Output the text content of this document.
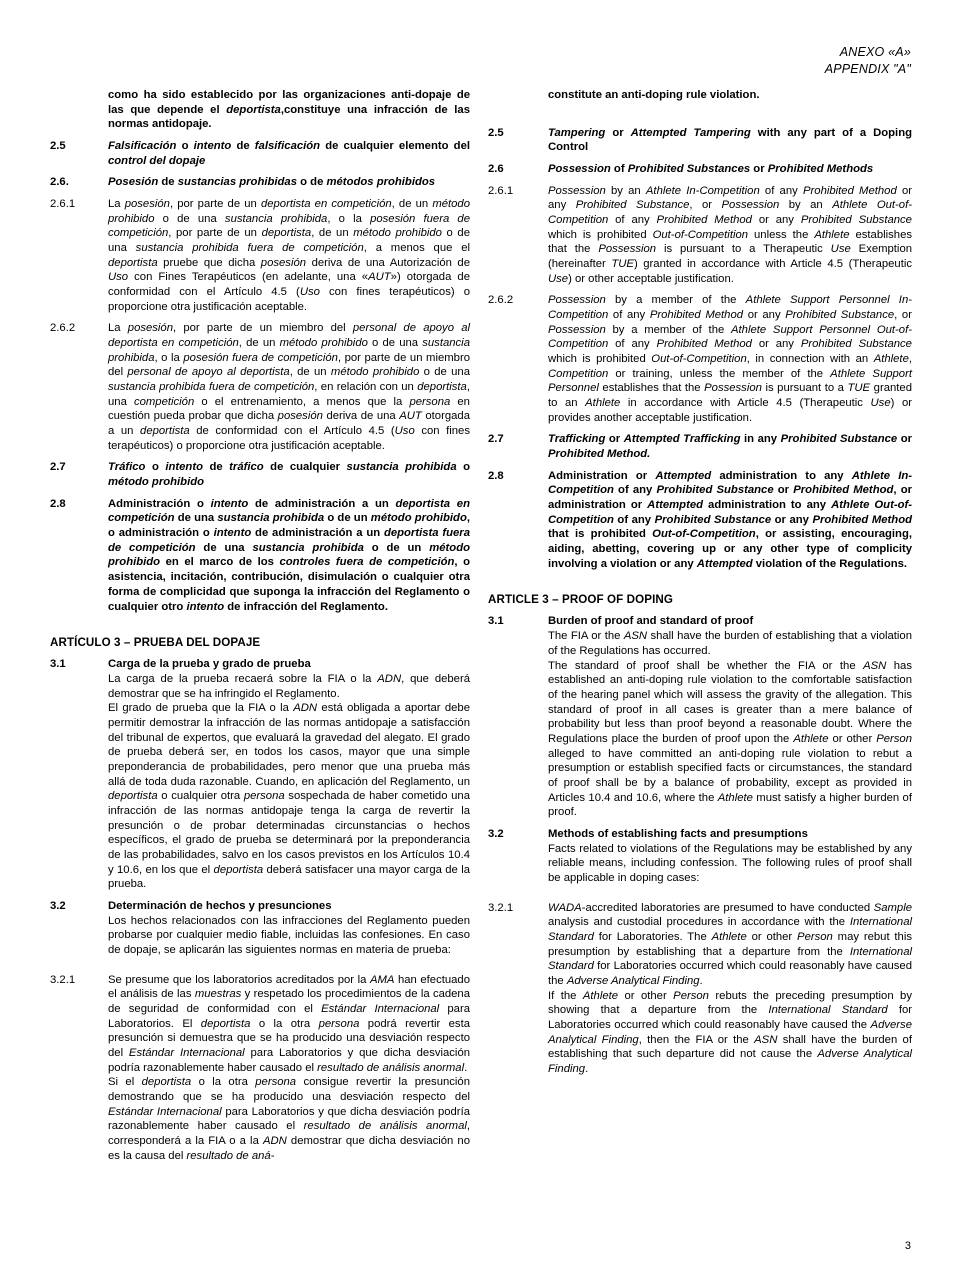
ANEXO «A»
APPENDIX "A"
como ha sido establecido por las organizaciones anti-dopaje de las que depende el deportista,constituye una infracción de las normas antidopaje.
2.5	Falsificación o intento de falsificación de cualquier elemento del control del dopaje
2.6.	Posesión de sustancias prohibidas o de métodos prohibidos
2.6.1	La posesión, por parte de un deportista en competición, de un método prohibido o de una sustancia prohibida, o la posesión fuera de competición, por parte de un deportista, de un método prohibido o de una sustancia prohibida fuera de competición, a menos que el deportista pruebe que dicha posesión deriva de una Autorización de Uso con Fines Terapéuticos (en adelante, una «AUT») otorgada de conformidad con el Artículo 4.5 (Uso con fines terapéuticos) o proporcione otra justificación aceptable.
2.6.2	La posesión, por parte de un miembro del personal de apoyo al deportista en competición, de un método prohibido o de una sustancia prohibida, o la posesión fuera de competición, por parte de un miembro del personal de apoyo al deportista, de un método prohibido o de una sustancia prohibida fuera de competición, en relación con un deportista, una competición o el entrenamiento, a menos que la persona en cuestión pueda probar que dicha posesión deriva de una AUT otorgada a un deportista de conformidad con el Artículo 4.5 (Uso con fines terapéuticos) o proporcione otra justificación aceptable.
2.7	Tráfico o intento de tráfico de cualquier sustancia prohibida o método prohibido
2.8	Administración o intento de administración a un deportista en competición de una sustancia prohibida o de un método prohibido, o administración o intento de administración a un deportista fuera de competición de una sustancia prohibida o de un método prohibido en el marco de los controles fuera de competición, o asistencia, incitación, contribución, disimulación o cualquier otra forma de complicidad que suponga la infracción del Reglamento o cualquier otro intento de infracción del Reglamento.
ARTÍCULO 3 – PRUEBA DEL DOPAJE
3.1	Carga de la prueba y grado de prueba

La carga de la prueba recaerá sobre la FIA o la ADN, que deberá demostrar que se ha infringido el Reglamento.

El grado de prueba que la FIA o la ADN está obligada a aportar debe permitir demostrar la infracción de las normas antidopaje a satisfacción del tribunal de expertos, que evaluará la gravedad del alegato. El grado de prueba deberá ser, en todos los casos, mayor que una simple preponderancia de probabilidades, pero menor que una prueba más allá de toda duda razonable. Cuando, en aplicación del Reglamento, un deportista o cualquier otra persona sospechada de haber cometido una infracción de las normas antidopaje tenga la carga de revertir la presunción o de probar determinadas circunstancias o hechos específicos, el grado de prueba se determinará por la preponderancia de las probabilidades, salvo en los casos previstos en los Artículos 10.4 y 10.6, en los que el deportista deberá satisfacer una mayor carga de la prueba.

3.2	Determinación de hechos y presunciones

Los hechos relacionados con las infracciones del Reglamento pueden probarse por cualquier medio fiable, incluidas las confesiones. En caso de dopaje, se aplicarán las siguientes normas en materia de prueba:

3.2.1	Se presume que los laboratorios acreditados por la AMA han efectuado el análisis de las muestras y respetado los procedimientos de la cadena de seguridad de conformidad con el Estándar Internacional para Laboratorios. El deportista o la otra persona podrá revertir esta presunción si demuestra que se ha producido una desviación respecto del Estándar Internacional para Laboratorios y que dicha desviación podría razonablemente haber causado el resultado de análisis anormal.

Si el deportista o la otra persona consigue revertir la presunción demostrando que se ha producido una desviación respecto del Estándar Internacional para Laboratorios y que dicha desviación podría razonablemente haber causado el resultado de análisis anormal, corresponderá a la FIA o a la ADN demostrar que dicha desviación no es la causa del resultado de aná-

constitute an anti-doping rule violation.
2.5	Tampering or Attempted Tampering with any part of a Doping Control
2.6	Possession of Prohibited Substances or Prohibited Methods
2.6.1	Possession by an Athlete In-Competition of any Prohibited Method or any Prohibited Substance, or Possession by an Athlete Out-of-Competition of any Prohibited Method or any Prohibited Substance which is prohibited Out-of-Competition unless the Athlete establishes that the Possession is pursuant to a Therapeutic Use Exemption (hereinafter TUE) granted in accordance with Article 4.5 (Therapeutic Use) or other acceptable justification.
2.6.2	Possession by a member of the Athlete Support Personnel In-Competition of any Prohibited Method or any Prohibited Substance, or Possession by a member of the Athlete Support Personnel Out-of-Competition of any Prohibited Method or any Prohibited Substance which is prohibited Out-of-Competition, in connection with an Athlete, Competition or training, unless the member of the Athlete Support Personnel establishes that the Possession is pursuant to a TUE granted to an Athlete in accordance with Article 4.5 (Therapeutic Use) or provides another acceptable justification.
2.7	Trafficking or Attempted Trafficking in any Prohibited Substance or Prohibited Method.
2.8	Administration or Attempted administration to any Athlete In-Competition of any Prohibited Substance or Prohibited Method, or administration or Attempted administration to any Athlete Out-of-Competition of any Prohibited Substance or any Prohibited Method that is prohibited Out-of-Competition, or assisting, encouraging, aiding, abetting, covering up or any other type of complicity involving a violation or any Attempted violation of the Regulations.
ARTICLE 3 – PROOF OF DOPING
3.1	Burden of proof and standard of proof

The FIA or the ASN shall have the burden of establishing that a violation of the Regulations has occurred.

The standard of proof shall be whether the FIA or the ASN has established an anti-doping rule violation to the comfortable satisfaction of the hearing panel which will assess the gravity of the allegation. This standard of proof in all cases is greater than a mere balance of probability but less than proof beyond a reasonable doubt. Where the Regulations place the burden of proof upon the Athlete or other Person alleged to have committed an anti-doping rule violation to rebut a presumption or establish specified facts or circumstances, the standard of proof shall be by a balance of probability, except as provided in Articles 10.4 and 10.6, where the Athlete must satisfy a higher burden of proof.

3.2	Methods of establishing facts and presumptions

Facts related to violations of the Regulations may be established by any reliable means, including confession. The following rules of proof shall be applicable in doping cases:

3.2.1	WADA-accredited laboratories are presumed to have conducted Sample analysis and custodial procedures in accordance with the International Standard for Laboratories. The Athlete or other Person may rebut this presumption by establishing that a departure from the International Standard for Laboratories occurred which could reasonably have caused the Adverse Analytical Finding.

If the Athlete or other Person rebuts the preceding presumption by showing that a departure from the International Standard for Laboratories occurred which could reasonably have caused the Adverse Analytical Finding, then the FIA or the ASN shall have the burden of establishing that such departure did not cause the Adverse Analytical Finding.

3
